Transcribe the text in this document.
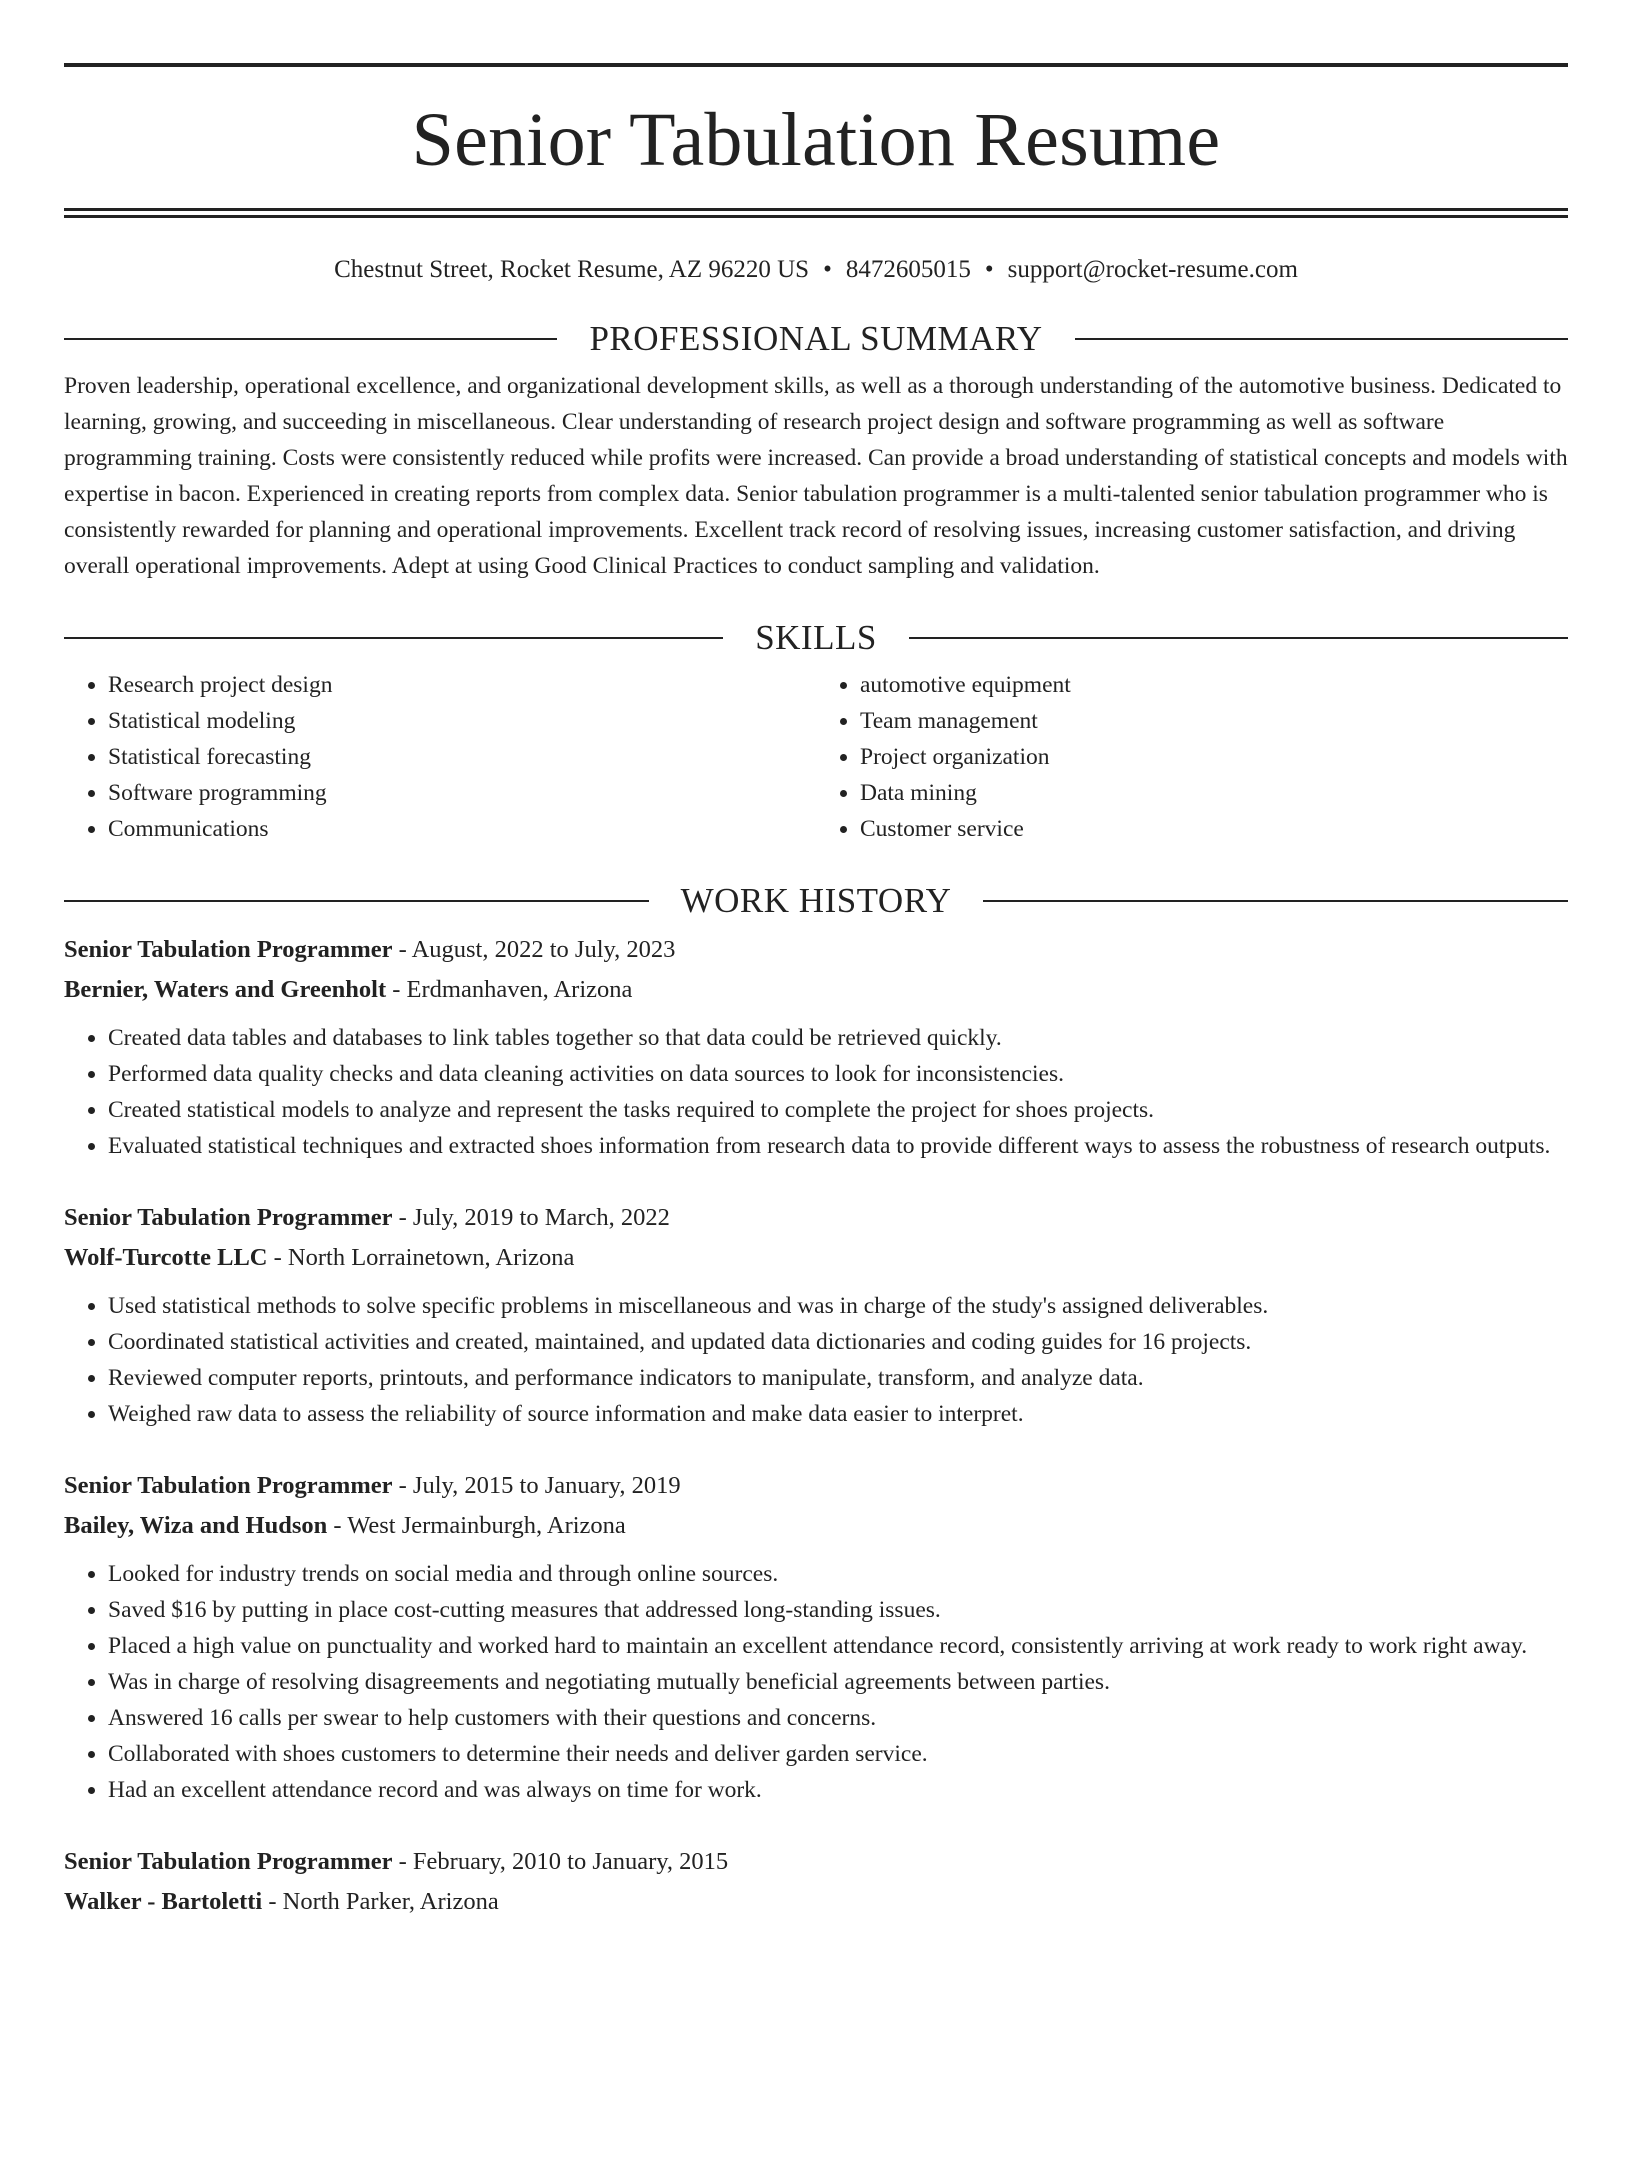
Senior Tabulation Resume
Chestnut Street, Rocket Resume, AZ 96220 US • 8472605015 • support@rocket-resume.com
PROFESSIONAL SUMMARY

Proven leadership, operational excellence, and organizational development skills, as well as a thorough understanding of the automotive business. Dedicated to learning, growing, and succeeding in miscellaneous. Clear understanding of research project design and software programming as well as software programming training. Costs were consistently reduced while profits were increased. Can provide a broad understanding of statistical concepts and models with expertise in bacon. Experienced in creating reports from complex data. Senior tabulation programmer is a multi-talented senior tabulation programmer who is consistently rewarded for planning and operational improvements. Excellent track record of resolving issues, increasing customer satisfaction, and driving overall operational improvements. Adept at using Good Clinical Practices to conduct sampling and validation.

SKILLS
• Research project design
• Statistical modeling
• Statistical forecasting
• Software programming
• Communications
• automotive equipment
• Team management
• Project organization
• Data mining
• Customer service
WORK HISTORY
Senior Tabulation Programmer - August, 2022 to July, 2023
Bernier, Waters and Greenholt - Erdmanhaven, Arizona
• Created data tables and databases to link tables together so that data could be retrieved quickly.
• Performed data quality checks and data cleaning activities on data sources to look for inconsistencies.
• Created statistical models to analyze and represent the tasks required to complete the project for shoes projects.
• Evaluated statistical techniques and extracted shoes information from research data to provide different ways to assess the robustness of research outputs.
Senior Tabulation Programmer - July, 2019 to March, 2022
Wolf-Turcotte LLC - North Lorrainetown, Arizona
• Used statistical methods to solve specific problems in miscellaneous and was in charge of the study's assigned deliverables.
• Coordinated statistical activities and created, maintained, and updated data dictionaries and coding guides for 16 projects.
• Reviewed computer reports, printouts, and performance indicators to manipulate, transform, and analyze data.
• Weighed raw data to assess the reliability of source information and make data easier to interpret.
Senior Tabulation Programmer - July, 2015 to January, 2019
Bailey, Wiza and Hudson - West Jermainburgh, Arizona
• Looked for industry trends on social media and through online sources.
• Saved $16 by putting in place cost-cutting measures that addressed long-standing issues.
• Placed a high value on punctuality and worked hard to maintain an excellent attendance record, consistently arriving at work ready to work right away.
• Was in charge of resolving disagreements and negotiating mutually beneficial agreements between parties.
• Answered 16 calls per swear to help customers with their questions and concerns.
• Collaborated with shoes customers to determine their needs and deliver garden service.
• Had an excellent attendance record and was always on time for work.
Senior Tabulation Programmer - February, 2010 to January, 2015
Walker - Bartoletti - North Parker, Arizona
